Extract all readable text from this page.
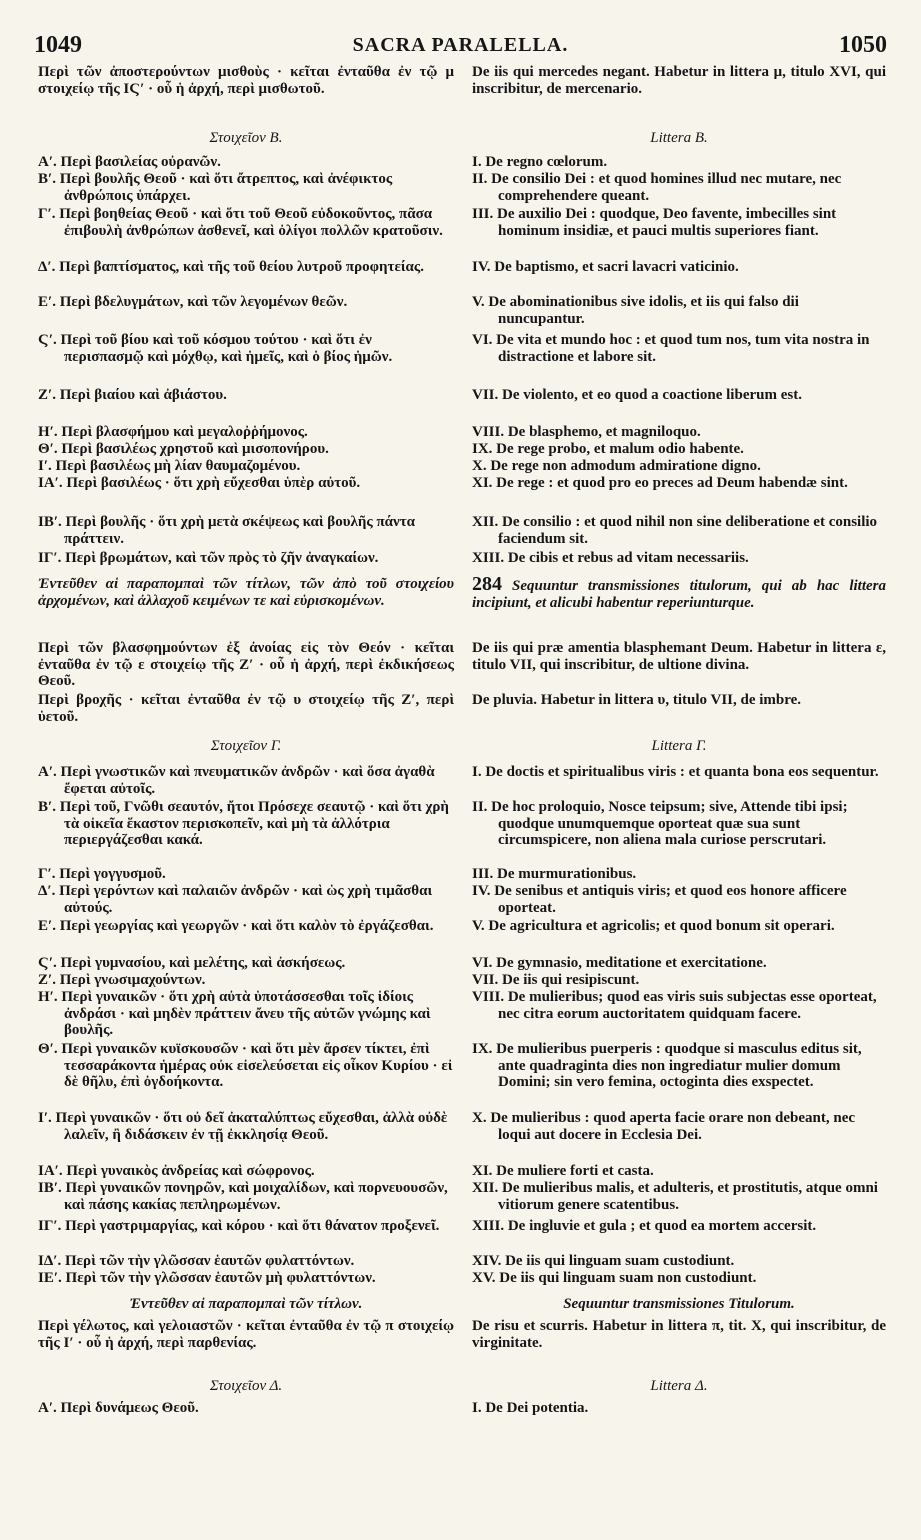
1049	SACRA PARALELLA.	1050
Περὶ τῶν ἀποστερούντων μισθοὺς · κεῖται ἐνταῦθα ἐν τῷ μ στοιχείῳ τῆς ΙϚ′ · οὗ ἡ ἀρχή, περὶ μισθωτοῦ.
Στοιχεῖον Β.
Α′. Περὶ βασιλείας οὐρανῶν.
Β′. Περὶ βουλῆς Θεοῦ · καὶ ὅτι ἄτρεπτος, καὶ ἀνέφικτος ἀνθρώποις ὑπάρχει.
Γ′. Περὶ βοηθείας Θεοῦ · καὶ ὅτι τοῦ Θεοῦ εὐδοκοῦντος, πᾶσα ἐπιβουλὴ ἀνθρώπων ἀσθενεῖ, καὶ ὀλίγοι πολλῶν κρατοῦσιν.
Δ′. Περὶ βαπτίσματος, καὶ τῆς τοῦ θείου λυτροῦ προφητείας.
Ε′. Περὶ βδελυγμάτων, καὶ τῶν λεγομένων θεῶν.
Ϛ′. Περὶ τοῦ βίου καὶ τοῦ κόσμου τούτου · καὶ ὅτι ἐν περισπασμῷ καὶ μόχθῳ, καὶ ἡμεῖς, καὶ ὁ βίος ἡμῶν.
Ζ′. Περὶ βιαίου καὶ ἀβιάστου.
Η′. Περὶ βλασφήμου καὶ μεγαλοῤῥήμονος.
Θ′. Περὶ βασιλέως χρηστοῦ καὶ μισοπονήρου.
Ι′. Περὶ βασιλέως μὴ λίαν θαυμαζομένου.
ΙΑ′. Περὶ βασιλέως · ὅτι χρὴ εὔχεσθαι ὑπὲρ αὐτοῦ.
ΙΒ′. Περὶ βουλῆς · ὅτι χρὴ μετὰ σκέψεως καὶ βουλῆς πάντα πράττειν.
ΙΓ′. Περὶ βρωμάτων, καὶ τῶν πρὸς τὸ ζῆν ἀναγκαίων.
Ἐντεῦθεν αἱ παραπομπαὶ τῶν τίτλων, τῶν ἀπὸ τοῦ στοιχείου ἀρχομένων, καὶ ἀλλαχοῦ κειμένων τε καὶ εὑρισκομένων.
Περὶ τῶν βλασφημούντων ἐξ ἀνοίας εἰς τὸν Θεόν · κεῖται ἐνταῦθα ἐν τῷ ε στοιχείῳ τῆς Ζ′ · οὗ ἡ ἀρχή, περὶ ἐκδικήσεως Θεοῦ.
Περὶ βροχῆς · κεῖται ἐνταῦθα ἐν τῷ υ στοιχείῳ τῆς Ζ′, περὶ ὑετοῦ.
Στοιχεῖον Γ.
Α′. Περὶ γνωστικῶν καὶ πνευματικῶν ἀνδρῶν · καὶ ὅσα ἀγαθὰ ἔφεται αὐτοῖς.
Β′. Περὶ τοῦ, Γνῶθι σεαυτόν, ἤτοι Πρόσεχε σεαυτῷ · καὶ ὅτι χρὴ τὰ οἰκεῖα ἕκαστον περισκοπεῖν, καὶ μὴ τὰ ἀλλότρια περιεργάζεσθαι κακά.
Γ′. Περὶ γογγυσμοῦ.
Δ′. Περὶ γερόντων καὶ παλαιῶν ἀνδρῶν · καὶ ὡς χρὴ τιμᾶσθαι αὐτούς.
Ε′. Περὶ γεωργίας καὶ γεωργῶν · καὶ ὅτι καλὸν τὸ ἐργάζεσθαι.
Ϛ′. Περὶ γυμνασίου, καὶ μελέτης, καὶ ἀσκήσεως.
Ζ′. Περὶ γνωσιμαχούντων.
Η′. Περὶ γυναικῶν · ὅτι χρὴ αὐτὰ ὑποτάσσεσθαι τοῖς ἰδίοις ἀνδράσι · καὶ μηδὲν πράττειν ἄνευ τῆς αὐτῶν γνώμης καὶ βουλῆς.
Θ′. Περὶ γυναικῶν κυϊσκουσῶν · καὶ ὅτι μὲν ἄρσεν τίκτει, ἐπὶ τεσσαράκοντα ἡμέρας οὐκ εἰσελεύσεται εἰς οἶκον Κυρίου · εἰ δὲ θῆλυ, ἐπὶ ὀγδοήκοντα.
Ι′. Περὶ γυναικῶν · ὅτι οὐ δεῖ ἀκαταλύπτως εὔχεσθαι, ἀλλὰ οὐδὲ λαλεῖν, ἢ διδάσκειν ἐν τῇ ἐκκλησίᾳ Θεοῦ.
ΙΑ′. Περὶ γυναικὸς ἀνδρείας καὶ σώφρονος.
ΙΒ′. Περὶ γυναικῶν πονηρῶν, καὶ μοιχαλίδων, καὶ πορνευουσῶν, καὶ πάσης κακίας πεπληρωμένων.
ΙΓ′. Περὶ γαστριμαργίας, καὶ κόρου · καὶ ὅτι θάνατον προξενεῖ.
ΙΔ′. Περὶ τῶν τὴν γλῶσσαν ἑαυτῶν φυλαττόντων.
ΙΕ′. Περὶ τῶν τὴν γλῶσσαν ἑαυτῶν μὴ φυλαττόντων.
Ἐντεῦθεν αἱ παραπομπαὶ τῶν τίτλων.
Περὶ γέλωτος, καὶ γελοιαστῶν · κεῖται ἐνταῦθα ἐν τῷ π στοιχείῳ τῆς Ι′ · οὗ ἡ ἀρχή, περὶ παρθενίας.
Στοιχεῖον Δ.
Α′. Περὶ δυνάμεως Θεοῦ.
De iis qui mercedes negant. Habetur in littera μ, titulo XVI, qui inscribitur, de mercenario.
Littera B.
I. De regno cœlorum.
II. De consilio Dei : et quod homines illud nec mutare, nec comprehendere queant.
III. De auxilio Dei : quodque, Deo favente, imbecilles sint hominum insidiæ, et pauci multis superiores fiant.
IV. De baptismo, et sacri lavacri vaticinio.
V. De abominationibus sive idolis, et iis qui falso dii nuncupantur.
VI. De vita et mundo hoc : et quod tum nos, tum vita nostra in distractione et labore sit.
VII. De violento, et eo quod a coactione liberum est.
VIII. De blasphemo, et magniloquo.
IX. De rege probo, et malum odio habente.
X. De rege non admodum admiratione digno.
XI. De rege : et quod pro eo preces ad Deum habendæ sint.
XII. De consilio : et quod nihil non sine deliberatione et consilio faciendum sit.
XIII. De cibis et rebus ad vitam necessariis.
284 Sequuntur transmissiones titulorum, qui ab hac littera incipiunt, et alicubi habentur reperiunturque.
De iis qui præ amentia blasphemant Deum. Habetur in littera ε, titulo VII, qui inscribitur, de ultione divina.
De pluvia. Habetur in littera υ, titulo VII, de imbre.
Littera Γ.
I. De doctis et spiritualibus viris : et quanta bona eos sequentur.
II. De hoc proloquio, Nosce teipsum; sive, Attende tibi ipsi; quodque unumquemque oporteat quæ sua sunt circumspicere, non aliena mala curiose perscrutari.
III. De murmurationibus.
IV. De senibus et antiquis viris; et quod eos honore afficere oporteat.
V. De agricultura et agricolis; et quod bonum sit operari.
VI. De gymnasio, meditatione et exercitatione.
VII. De iis qui resipiscunt.
VIII. De mulieribus; quod eas viris suis subjectas esse oporteat, nec citra eorum auctoritatem quidquam facere.
IX. De mulieribus puerperis : quodque si masculus editus sit, ante quadraginta dies non ingrediatur mulier domum Domini; sin vero femina, octoginta dies exspectet.
X. De mulieribus : quod aperta facie orare non debeant, nec loqui aut docere in Ecclesia Dei.
XI. De muliere forti et casta.
XII. De mulieribus malis, et adulteris, et prostitutis, atque omni vitiorum genere scatentibus.
XIII. De ingluvie et gula ; et quod ea mortem accersit.
XIV. De iis qui linguam suam custodiunt.
XV. De iis qui linguam suam non custodiunt.
Sequuntur transmissiones Titulorum.
De risu et scurris. Habetur in littera π, tit. X, qui inscribitur, de virginitate.
Littera Δ.
I. De Dei potentia.
